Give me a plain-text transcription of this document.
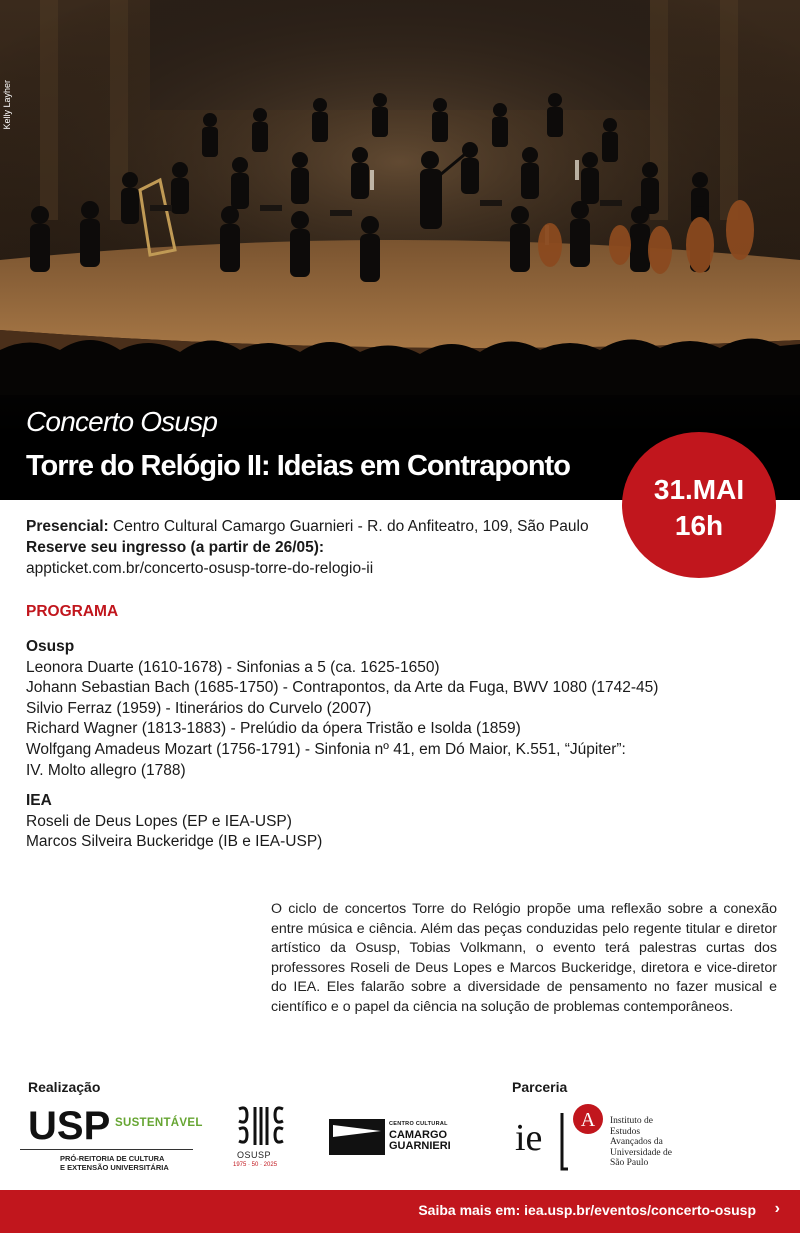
Kelly Layher
Concerto Osusp
Torre do Relógio II: Ideias em Contraponto
31.MAI
16h
Presencial: Centro Cultural Camargo Guarnieri - R. do Anfiteatro, 109, São Paulo
Reserve seu ingresso (a partir de 26/05):
appticket.com.br/concerto-osusp-torre-do-relogio-ii
PROGRAMA
Osusp
Leonora Duarte (1610-1678) - Sinfonias a 5 (ca. 1625-1650)
Johann Sebastian Bach (1685-1750) - Contrapontos, da Arte da Fuga, BWV 1080 (1742-45)
Silvio Ferraz (1959) - Itinerários do Curvelo (2007)
Richard Wagner (1813-1883) - Prelúdio da ópera Tristão e Isolda (1859)
Wolfgang Amadeus Mozart (1756-1791) - Sinfonia nº 41, em Dó Maior, K.551, “Júpiter”:
IV. Molto allegro (1788)
IEA
Roseli de Deus Lopes (EP e IEA-USP)
Marcos Silveira Buckeridge (IB e IEA-USP)
O ciclo de concertos Torre do Relógio propõe uma reflexão sobre a conexão entre música e ciência. Além das peças conduzidas pelo regente titular e diretor artístico da Osusp, Tobias Volkmann, o evento terá palestras curtas dos professores Roseli de Deus Lopes e Marcos Buckeridge, diretora e vice-diretor do IEA. Eles falarão sobre a diversidade de pensamento no fazer musical e científico e o papel da ciência na solução de problemas contemporâneos.
Realização	Parceria
USP SUSTENTÁVEL
PRÓ-REITORIA DE CULTURA
E EXTENSÃO UNIVERSITÁRIA
OSUSP
1975 · 50 · 2025
CENTRO CULTURAL
CAMARGO
GUARNIERI ie A Instituto de
Estudos
Avançados da
Universidade de
São Paulo
Saiba mais em: iea.usp.br/eventos/concerto-osusp ›
